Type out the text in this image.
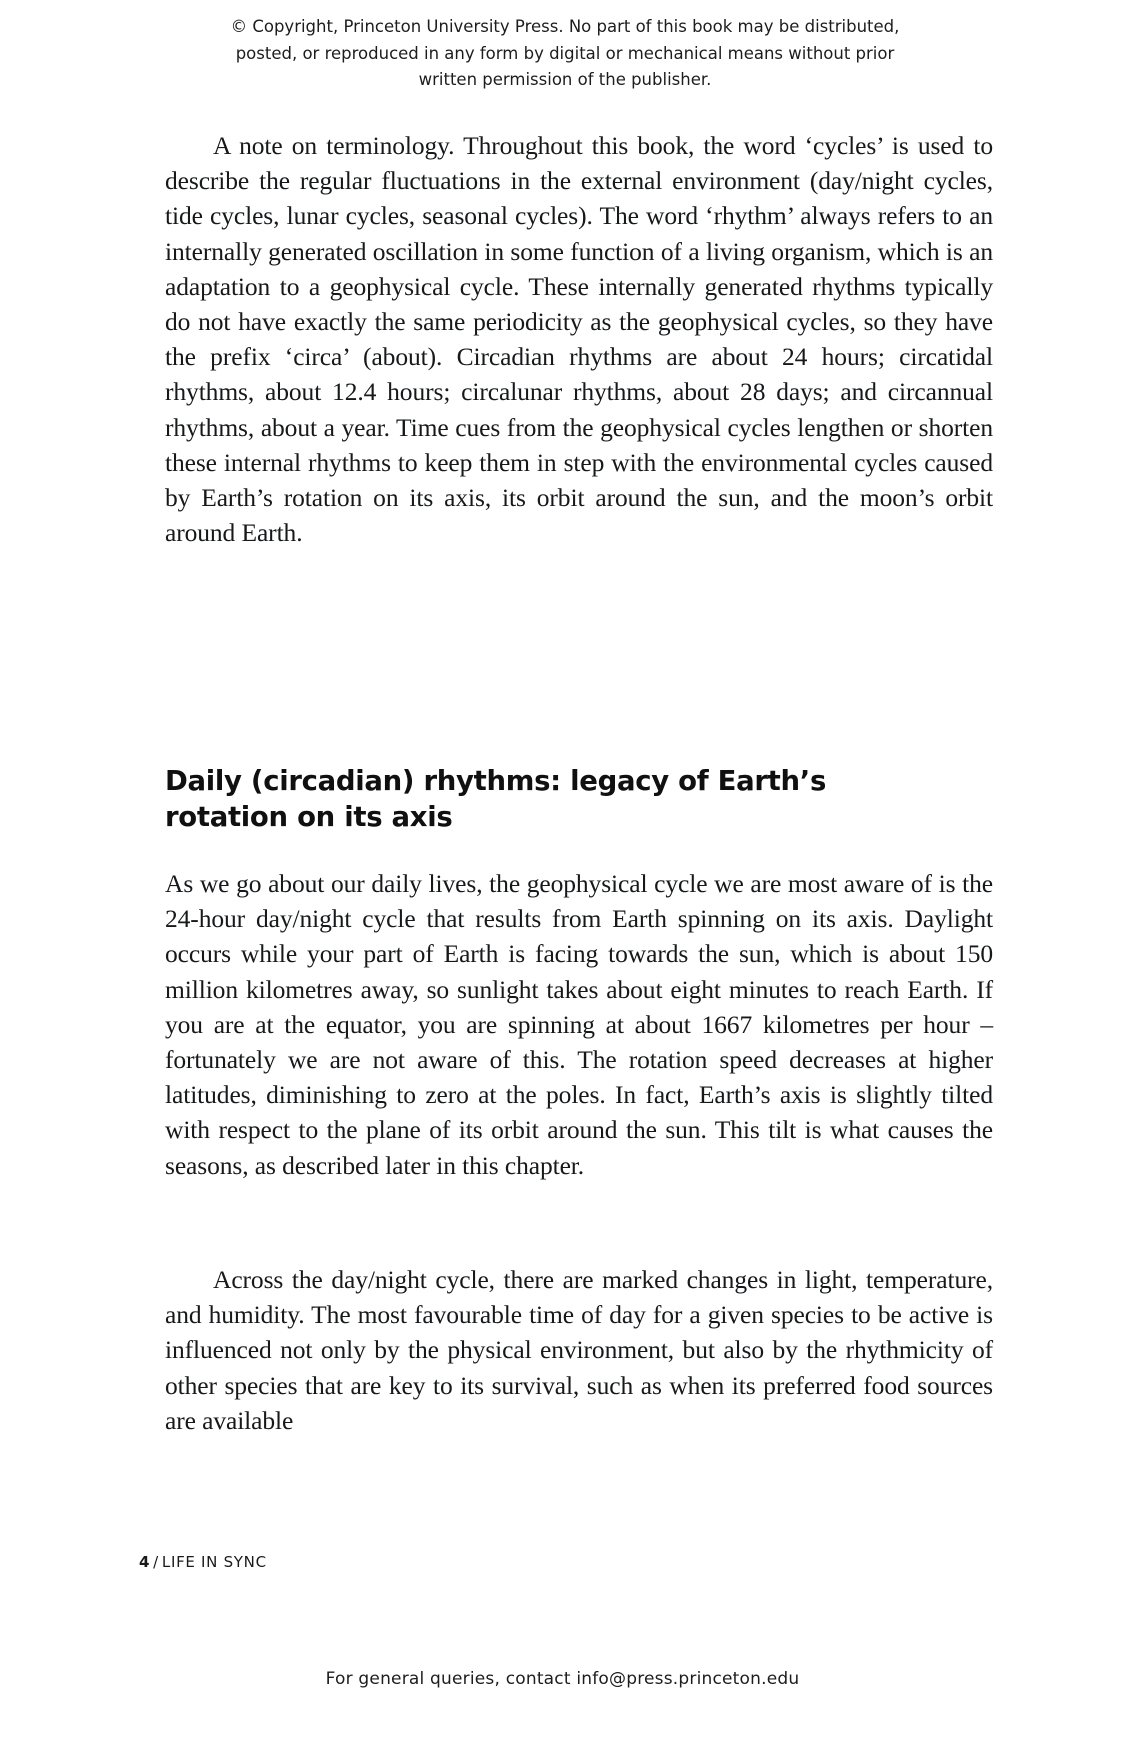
© Copyright, Princeton University Press. No part of this book may be distributed, posted, or reproduced in any form by digital or mechanical means without prior written permission of the publisher.

A note on terminology. Throughout this book, the word ‘cycles’ is used to describe the regular fluctuations in the external environment (day/night cycles, tide cycles, lunar cycles, seasonal cycles). The word ‘rhythm’ always refers to an internally generated oscillation in some function of a living organism, which is an adaptation to a geophysical cycle. These internally generated rhythms typically do not have exactly the same periodicity as the geophysical cycles, so they have the prefix ‘circa’ (about). Circadian rhythms are about 24 hours; circatidal rhythms, about 12.4 hours; circalunar rhythms, about 28 days; and circannual rhythms, about a year. Time cues from the geophysical cycles lengthen or shorten these internal rhythms to keep them in step with the environmental cycles caused by Earth’s rotation on its axis, its orbit around the sun, and the moon’s orbit around Earth.

Daily (circadian) rhythms: legacy of Earth’s rotation on its axis

As we go about our daily lives, the geophysical cycle we are most aware of is the 24-hour day/night cycle that results from Earth spinning on its axis. Daylight occurs while your part of Earth is facing towards the sun, which is about 150 million kilometres away, so sunlight takes about eight minutes to reach Earth. If you are at the equator, you are spinning at about 1667 kilometres per hour – fortunately we are not aware of this. The rotation speed decreases at higher latitudes, diminishing to zero at the poles. In fact, Earth’s axis is slightly tilted with respect to the plane of its orbit around the sun. This tilt is what causes the seasons, as described later in this chapter.

Across the day/night cycle, there are marked changes in light, temperature, and humidity. The most favourable time of day for a given species to be active is influenced not only by the physical environment, but also by the rhythmicity of other species that are key to its survival, such as when its preferred food sources are available

4 / LIFE IN SYNC
For general queries, contact info@press.princeton.edu
